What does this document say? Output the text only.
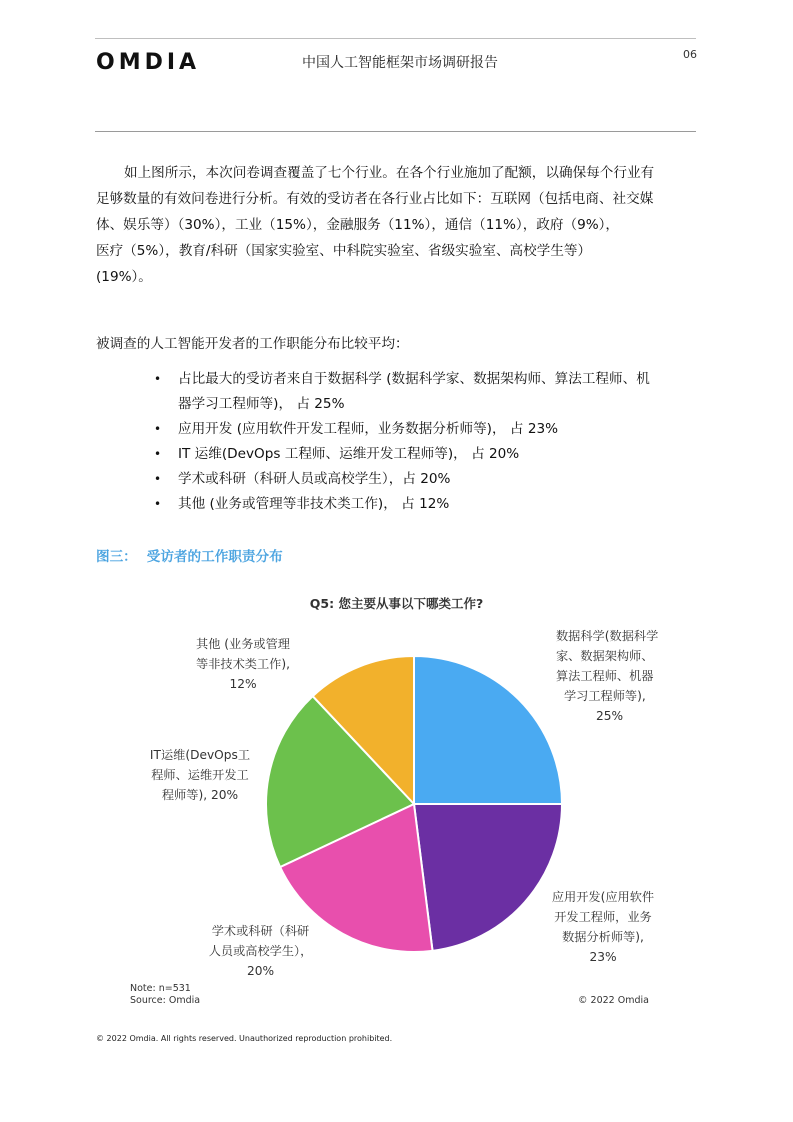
OMDIA	中国人工智能框架市场调研报告
06
如上图所示，本次问卷调查覆盖了七个行业。在各个行业施加了配额，以确保每个行业有
足够数量的有效问卷进行分析。有效的受访者在各行业占比如下：互联网（包括电商、社交媒
体、娱乐等）（30%），工业（15%），金融服务（11%），通信（11%），政府（9%），
医疗（5%），教育/科研（国家实验室、中科院实验室、省级实验室、高校学生等）
(19%）。
被调查的人工智能开发者的工作职能分布比较平均：
• 占比最大的受访者来自于数据科学 (数据科学家、数据架构师、算法工程师、机
器学习工程师等)， 占 25%
• 应用开发 (应用软件开发工程师，业务数据分析师等)， 占 23%
• IT 运维(DevOps 工程师、运维开发工程师等)， 占 20%
• 学术或科研（科研人员或高校学生），占 20%
• 其他 (业务或管理等非技术类工作)， 占 12%
图三： 受访者的工作职责分布
Q5: 您主要从事以下哪类工作?
数据科学(数据科学
家、数据架构师、
算法工程师、机器
学习工程师等),
25%
应用开发(应用软件
开发工程师，业务
数据分析师等),
23%
学术或科研（科研
人员或高校学生），
20%
IT运维(DevOps工
程师、运维开发工
程师等), 20%
其他 (业务或管理
等非技术类工作),
12%
Note: n=531
Source: Omdia	© 2022 Omdia
© 2022 Omdia. All rights reserved. Unauthorized reproduction prohibited.
